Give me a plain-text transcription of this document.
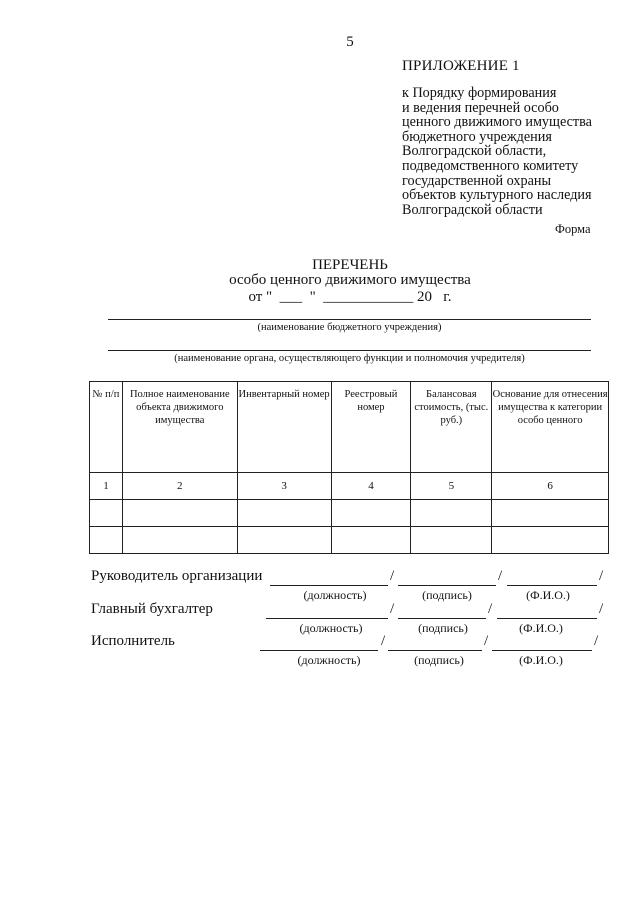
5
ПРИЛОЖЕНИЕ 1
к Порядку формирования
и ведения перечней особо
ценного движимого имущества
бюджетного учреждения
Волгоградской области,
подведомственного комитету
государственной охраны
объектов культурного наследия
Волгоградской области
Форма
ПЕРЕЧЕНЬ
особо ценного движимого имущества
от "  ___  "  ____________ 20   г.
(наименование бюджетного учреждения)
(наименование органа, осуществляющего функции и полномочия учредителя)
№ п/п	Полное наименование объекта движимого имущества	Инвентарный номер	Реестровый номер	Балансовая стоимость, (тыс. руб.)	Основание для отнесения имущества к категории особо ценного
1	2	3	4	5	6

Руководитель организации	/	/	/
(должность)	(подпись)	(Ф.И.О.)
Главный бухгалтер	/	/	/
(должность)	(подпись)	(Ф.И.О.)
Исполнитель	/	/	/
(должность)	(подпись)	(Ф.И.О.)
